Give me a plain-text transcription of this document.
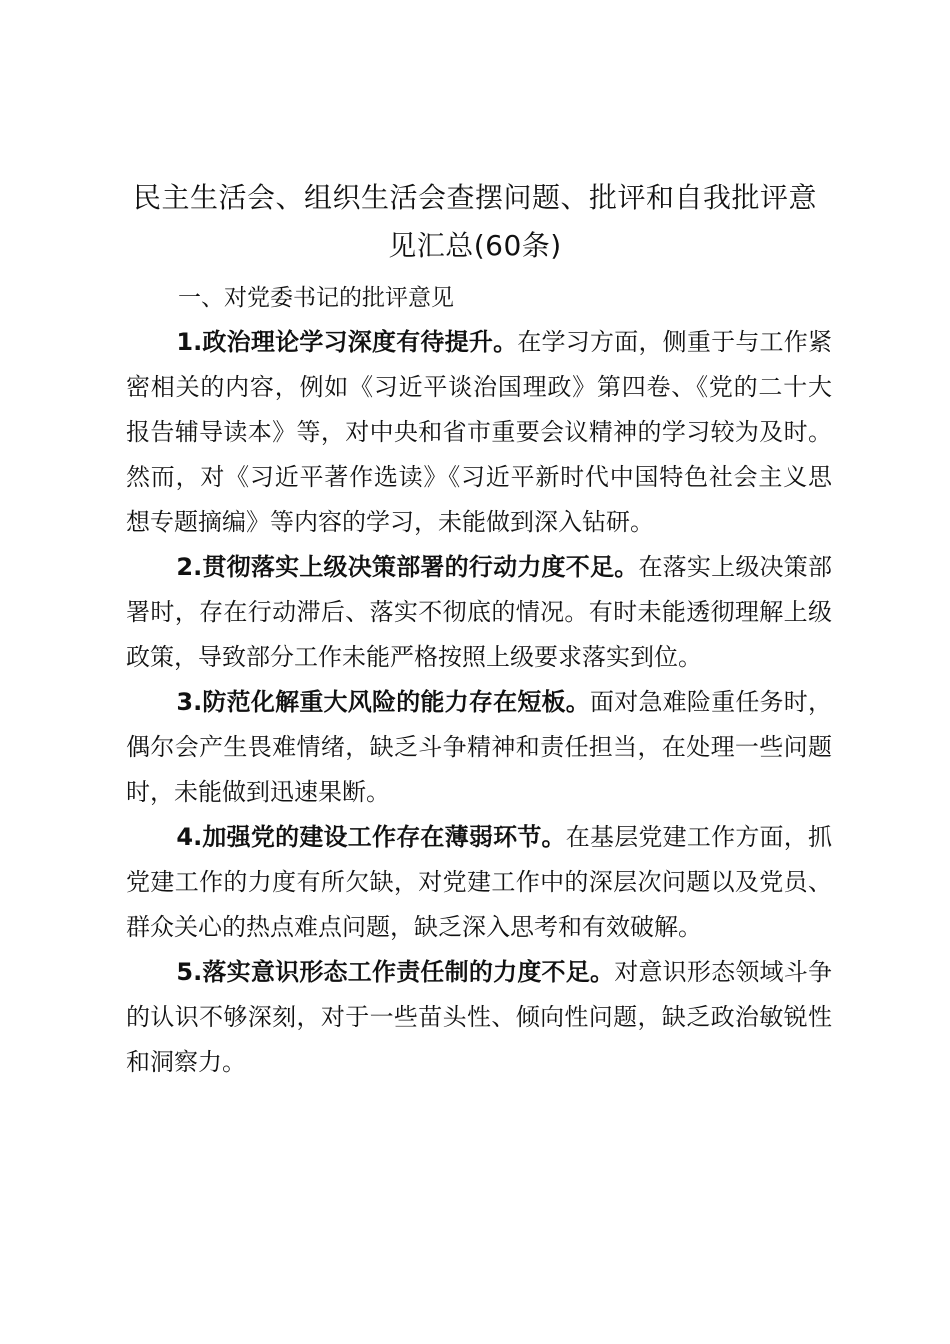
民主生活会、组织生活会查摆问题、批评和自我批评意见汇总(60条)
一、对党委书记的批评意见

1.政治理论学习深度有待提升。在学习方面，侧重于与工作紧密相关的内容，例如《习近平谈治国理政》第四卷、《党的二十大报告辅导读本》等，对中央和省市重要会议精神的学习较为及时。然而，对《习近平著作选读》《习近平新时代中国特色社会主义思想专题摘编》等内容的学习，未能做到深入钻研。

2.贯彻落实上级决策部署的行动力度不足。在落实上级决策部署时，存在行动滞后、落实不彻底的情况。有时未能透彻理解上级政策，导致部分工作未能严格按照上级要求落实到位。

3.防范化解重大风险的能力存在短板。面对急难险重任务时，偶尔会产生畏难情绪，缺乏斗争精神和责任担当，在处理一些问题时，未能做到迅速果断。

4.加强党的建设工作存在薄弱环节。在基层党建工作方面，抓党建工作的力度有所欠缺，对党建工作中的深层次问题以及党员、群众关心的热点难点问题，缺乏深入思考和有效破解。

5.落实意识形态工作责任制的力度不足。对意识形态领域斗争的认识不够深刻，对于一些苗头性、倾向性问题，缺乏政治敏锐性和洞察力。
